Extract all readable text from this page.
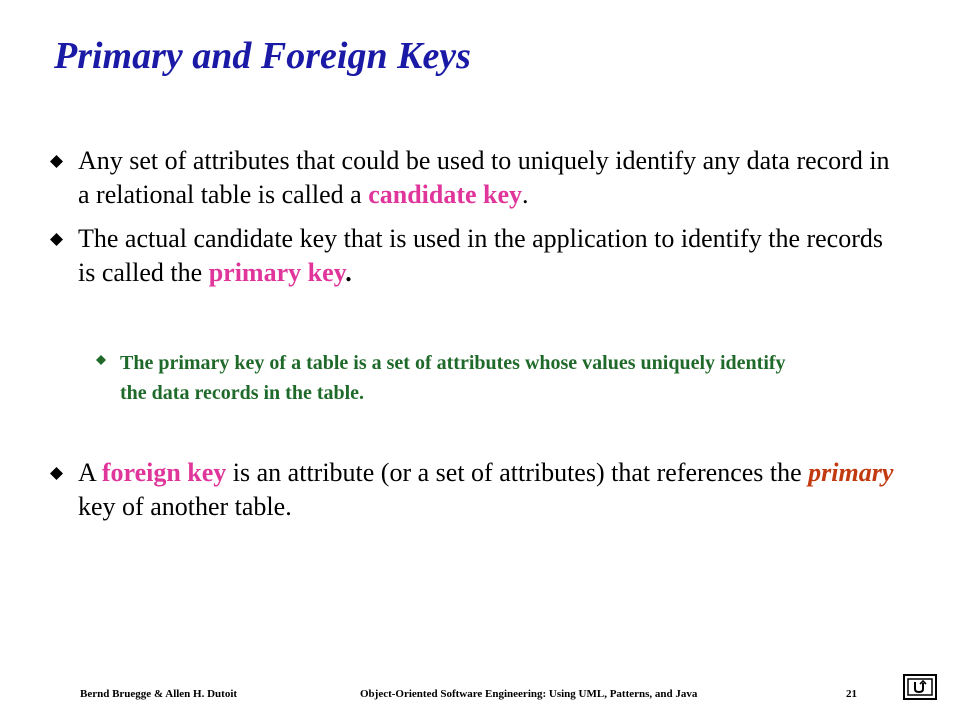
Primary and Foreign Keys
Any set of attributes that could be used to uniquely identify any data record in a relational table is called a candidate key.
The actual candidate key that is used in the application to identify the records is called the primary key.
The primary key of a table is a set of attributes whose values uniquely identify the data records in the table.
A foreign key is an attribute (or a set of attributes) that references the primary key of another table.
Bernd Bruegge & Allen H. Dutoit	Object-Oriented Software Engineering: Using UML, Patterns, and Java	21
